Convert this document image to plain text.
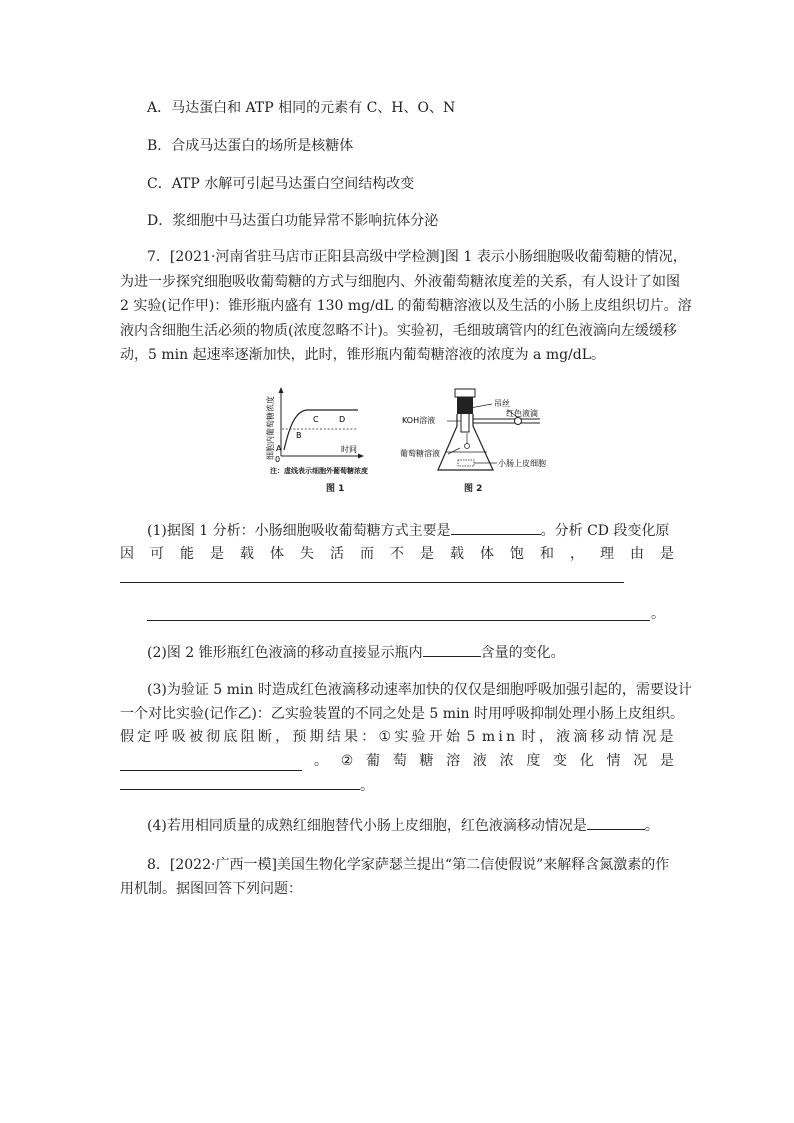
A．马达蛋白和 ATP 相同的元素有 C、H、O、N
B．合成马达蛋白的场所是核糖体
C．ATP 水解可引起马达蛋白空间结构改变
D．浆细胞中马达蛋白功能异常不影响抗体分泌
7．[2021·河南省驻马店市正阳县高级中学检测]图 1 表示小肠细胞吸收葡萄糖的情况，
为进一步探究细胞吸收葡萄糖的方式与细胞内、外液葡萄糖浓度差的关系，有人设计了如图
2 实验(记作甲)：锥形瓶内盛有 130 mg/dL 的葡萄糖溶液以及生活的小肠上皮组织切片。溶
液内含细胞生活必须的物质(浓度忽略不计)。实验初，毛细玻璃管内的红色液滴向左缓缓移
动，5 min 起速率逐渐加快，此时，锥形瓶内葡萄糖溶液的浓度为 a mg/dL。
细胞内葡萄糖浓度 0
A
B
C	D
时间
注：虚线表示细胞外葡萄糖浓度
图 1
KOH溶液
葡萄糖溶液
吊丝
红色液滴
小肠上皮细胞
图 2
(1)据图 1 分析：小肠细胞吸收葡萄糖方式主要是	。分析 CD 段变化原
因 可 能 是 载 体 失 活 而 不 是 载 体 饱 和 ， 理 由 是
。
(2)图 2 锥形瓶红色液滴的移动直接显示瓶内	含量的变化。
(3)为验证 5 min 时造成红色液滴移动速率加快的仅仅是细胞呼吸加强引起的，需要设计
一个对比实验(记作乙)：乙实验装置的不同之处是 5 min 时用呼吸抑制处理小肠上皮组织。
假 定 呼 吸 被 彻 底 阻 断 ， 预 期 结 果 ： ① 实 验 开 始 5 m i n 时 ， 液 滴 移 动 情 况 是
。 ② 葡 萄 糖 溶 液 浓 度 变 化 情 况 是
。
(4)若用相同质量的成熟红细胞替代小肠上皮细胞，红色液滴移动情况是	。
8．[2022·广西一模]美国生物化学家萨瑟兰提出“第二信使假说”来解释含氮激素的作
用机制。据图回答下列问题：
